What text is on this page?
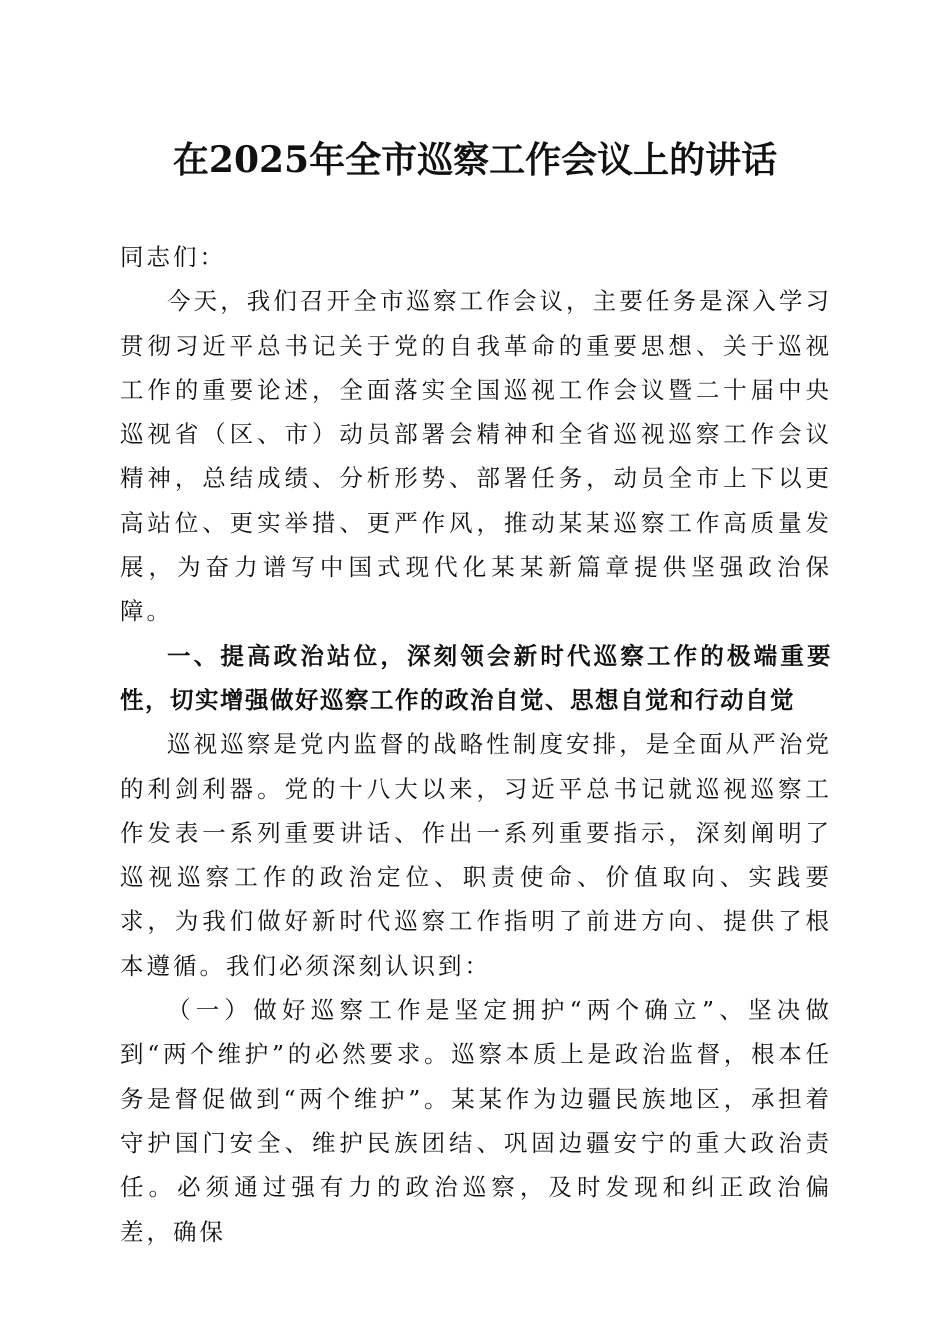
在2025年全市巡察工作会议上的讲话

同志们：

今天，我们召开全市巡察工作会议，主要任务是深入学习贯彻习近平总书记关于党的自我革命的重要思想、关于巡视工作的重要论述，全面落实全国巡视工作会议暨二十届中央巡视省（区、市）动员部署会精神和全省巡视巡察工作会议精神，总结成绩、分析形势、部署任务，动员全市上下以更高站位、更实举措、更严作风，推动某某巡察工作高质量发展，为奋力谱写中国式现代化某某新篇章提供坚强政治保障。

一、提高政治站位，深刻领会新时代巡察工作的极端重要性，切实增强做好巡察工作的政治自觉、思想自觉和行动自觉

巡视巡察是党内监督的战略性制度安排，是全面从严治党的利剑利器。党的十八大以来，习近平总书记就巡视巡察工作发表一系列重要讲话、作出一系列重要指示，深刻阐明了巡视巡察工作的政治定位、职责使命、价值取向、实践要求，为我们做好新时代巡察工作指明了前进方向、提供了根本遵循。我们必须深刻认识到：

（一）做好巡察工作是坚定拥护“两个确立”、坚决做到“两个维护”的必然要求。巡察本质上是政治监督，根本任务是督促做到“两个维护”。某某作为边疆民族地区，承担着守护国门安全、维护民族团结、巩固边疆安宁的重大政治责任。必须通过强有力的政治巡察，及时发现和纠正政治偏差，确保
